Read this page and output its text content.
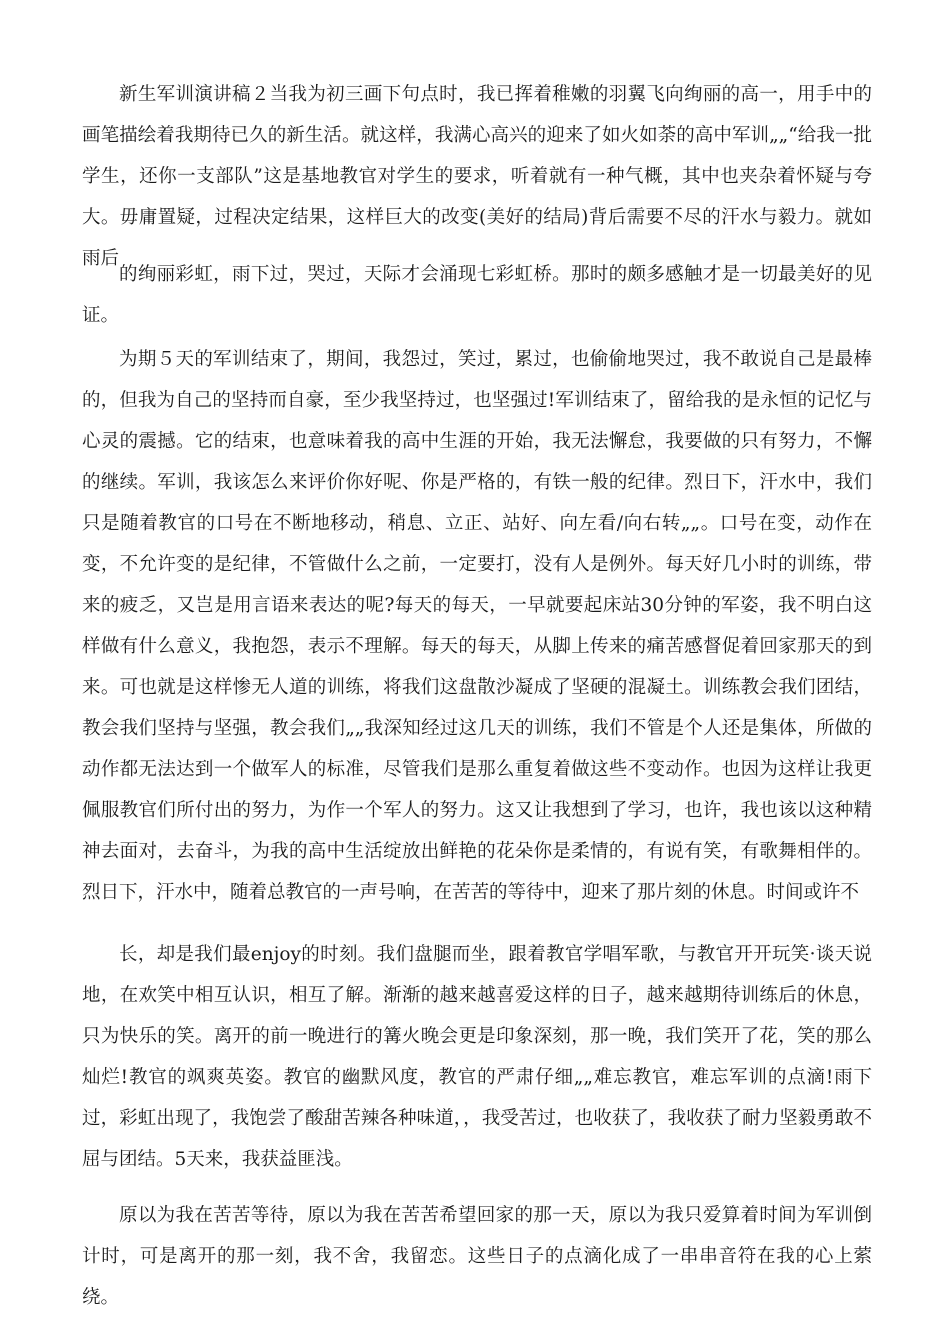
新生军训演讲稿２当我为初三画下句点时，我已挥着稚嫩的羽翼飞向绚丽的高一，用手中的画笔描绘着我期待已久的新生活。就这样，我满心高兴的迎来了如火如荼的高中军训„„“给我一批学生，还你一支部队”这是基地教官对学生的要求，听着就有一种气概，其中也夹杂着怀疑与夸大。毋庸置疑，过程决定结果，这样巨大的改变(美好的结局)背后需要不尽的汗水与毅力。就如雨后

的绚丽彩虹，雨下过，哭过，天际才会涌现七彩虹桥。那时的颇多感触才是一切最美好的见证。

为期５天的军训结束了，期间，我怨过，笑过，累过，也偷偷地哭过，我不敢说自己是最棒的，但我为自己的坚持而自豪，至少我坚持过，也坚强过!军训结束了，留给我的是永恒的记忆与心灵的震撼。它的结束，也意味着我的高中生涯的开始，我无法懈怠，我要做的只有努力，不懈的继续。军训，我该怎么来评价你好呢、你是严格的，有铁一般的纪律。烈日下，汗水中，我们只是随着教官的口号在不断地移动，稍息、立正、站好、向左看/向右转„„。口号在变，动作在变，不允许变的是纪律，不管做什么之前，一定要打，没有人是例外。每天好几小时的训练，带来的疲乏，又岂是用言语来表达的呢?每天的每天，一早就要起床站30分钟的军姿，我不明白这样做有什么意义，我抱怨，表示不理解。每天的每天，从脚上传来的痛苦感督促着回家那天的到来。可也就是这样惨无人道的训练，将我们这盘散沙凝成了坚硬的混凝土。训练教会我们团结，教会我们坚持与坚强，教会我们„„我深知经过这几天的训练，我们不管是个人还是集体，所做的动作都无法达到一个做军人的标准，尽管我们是那么重复着做这些不变动作。也因为这样让我更佩服教官们所付出的努力，为作一个军人的努力。这又让我想到了学习，也许，我也该以这种精神去面对，去奋斗，为我的高中生活绽放出鲜艳的花朵你是柔情的，有说有笑，有歌舞相伴的。烈日下，汗水中，随着总教官的一声号响，在苦苦的等待中，迎来了那片刻的休息。时间或许不

长，却是我们最enjoy的时刻。我们盘腿而坐，跟着教官学唱军歌，与教官开开玩笑·谈天说地，在欢笑中相互认识，相互了解。渐渐的越来越喜爱这样的日子，越来越期待训练后的休息，只为快乐的笑。离开的前一晚进行的篝火晚会更是印象深刻，那一晚，我们笑开了花，笑的那么灿烂!教官的飒爽英姿。教官的幽默风度，教官的严肃仔细„„难忘教官，难忘军训的点滴!雨下过，彩虹出现了，我饱尝了酸甜苦辣各种味道，，我受苦过，也收获了，我收获了耐力坚毅勇敢不屈与团结。5天来，我获益匪浅。

原以为我在苦苦等待，原以为我在苦苦希望回家的那一天，原以为我只爱算着时间为军训倒计时，可是离开的那一刻，我不舍，我留恋。这些日子的点滴化成了一串串音符在我的心上萦绕。
